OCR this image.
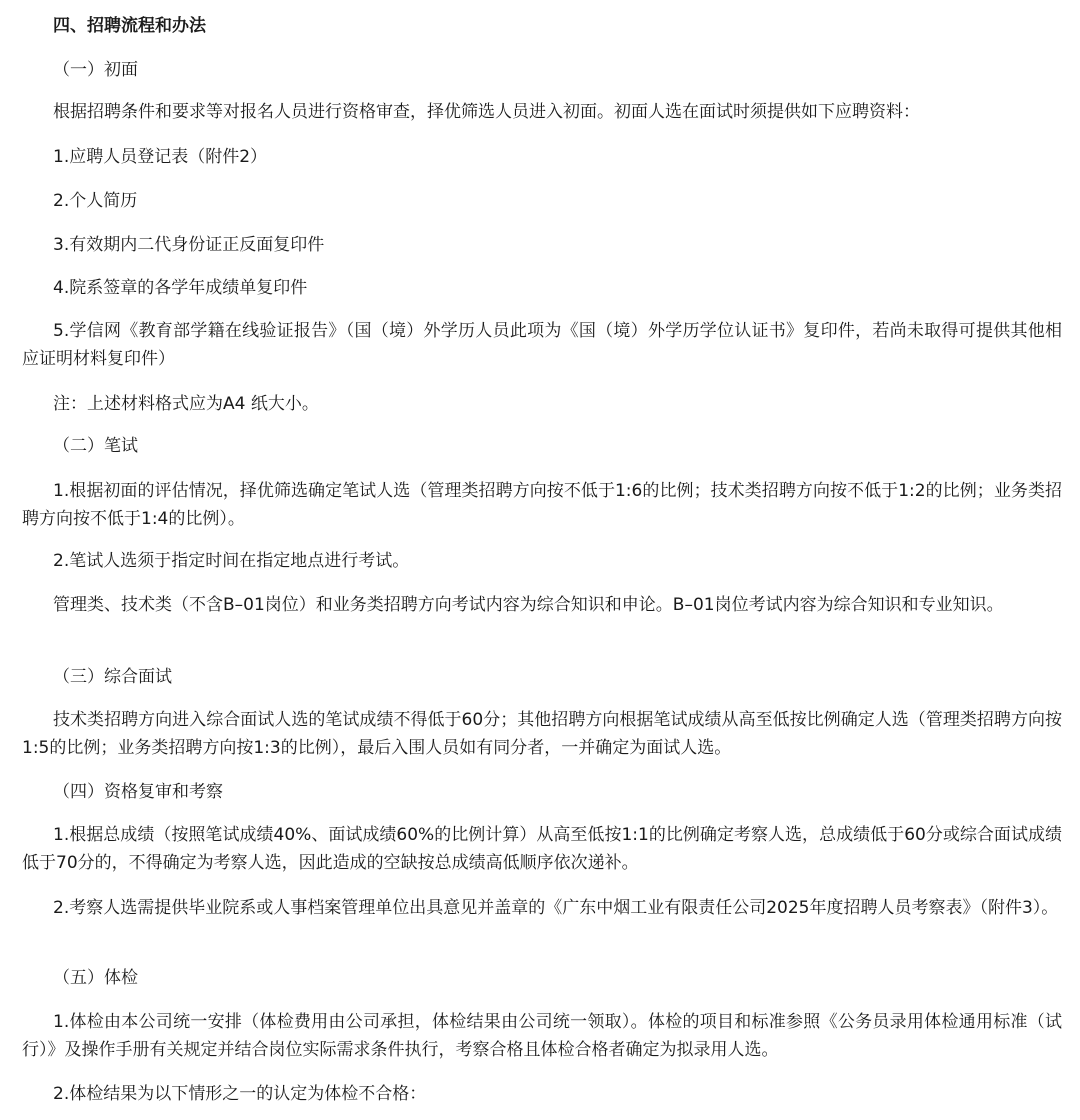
四、招聘流程和办法
（一）初面

根据招聘条件和要求等对报名人员进行资格审查，择优筛选人员进入初面。初面人选在面试时须提供如下应聘资料：

1.应聘人员登记表（附件2）
2.个人简历
3.有效期内二代身份证正反面复印件
4.院系签章的各学年成绩单复印件

5.学信网《教育部学籍在线验证报告》（国（境）外学历人员此项为《国（境）外学历学位认证书》复印件，若尚未取得可提供其他相应证明材料复印件）

注：上述材料格式应为A4 纸大小。
（二）笔试

1.根据初面的评估情况，择优筛选确定笔试人选（管理类招聘方向按不低于1:6的比例；技术类招聘方向按不低于1:2的比例；业务类招聘方向按不低于1:4的比例）。

2.笔试人选须于指定时间在指定地点进行考试。

管理类、技术类（不含B–01岗位）和业务类招聘方向考试内容为综合知识和申论。B–01岗位考试内容为综合知识和专业知识。

（三）综合面试

技术类招聘方向进入综合面试人选的笔试成绩不得低于60分；其他招聘方向根据笔试成绩从高至低按比例确定人选（管理类招聘方向按1:5的比例；业务类招聘方向按1:3的比例），最后入围人员如有同分者，一并确定为面试人选。

（四）资格复审和考察

1.根据总成绩（按照笔试成绩40%、面试成绩60%的比例计算）从高至低按1:1的比例确定考察人选，总成绩低于60分或综合面试成绩低于70分的，不得确定为考察人选，因此造成的空缺按总成绩高低顺序依次递补。

2.考察人选需提供毕业院系或人事档案管理单位出具意见并盖章的《广东中烟工业有限责任公司2025年度招聘人员考察表》（附件3）。

（五）体检

1.体检由本公司统一安排（体检费用由公司承担，体检结果由公司统一领取）。体检的项目和标准参照《公务员录用体检通用标准（试行）》及操作手册有关规定并结合岗位实际需求条件执行，考察合格且体检合格者确定为拟录用人选。

2.体检结果为以下情形之一的认定为体检不合格：
